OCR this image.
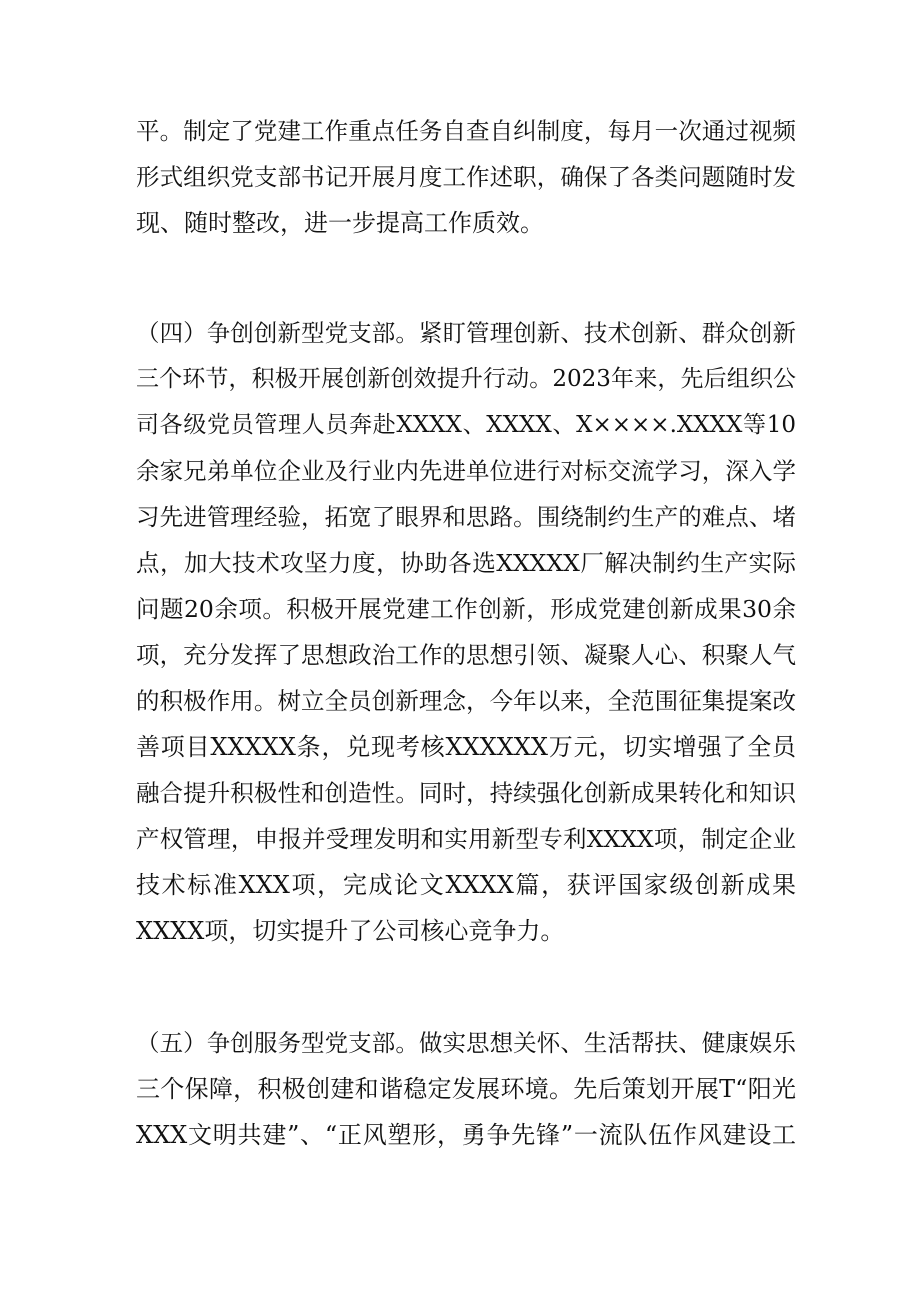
平。制定了党建工作重点任务自查自纠制度，每月一次通过视频
形式组织党支部书记开展月度工作述职，确保了各类问题随时发
现、随时整改，进一步提高工作质效。
（四）争创创新型党支部。紧盯管理创新、技术创新、群众创新
三个环节，积极开展创新创效提升行动。2023年来，先后组织公
司各级党员管理人员奔赴XXXX、XXXX、X××××.XXXX等10
余家兄弟单位企业及行业内先进单位进行对标交流学习，深入学
习先进管理经验，拓宽了眼界和思路。围绕制约生产的难点、堵
点，加大技术攻坚力度，协助各选XXXXX厂解决制约生产实际
问题20余项。积极开展党建工作创新，形成党建创新成果30余
项，充分发挥了思想政治工作的思想引领、凝聚人心、积聚人气
的积极作用。树立全员创新理念，今年以来，全范围征集提案改
善项目XXXXX条，兑现考核XXXXXX万元，切实增强了全员
融合提升积极性和创造性。同时，持续强化创新成果转化和知识
产权管理，申报并受理发明和实用新型专利XXXX项，制定企业
技术标准XXX项，完成论文XXXX篇，获评国家级创新成果
XXXX项，切实提升了公司核心竞争力。
（五）争创服务型党支部。做实思想关怀、生活帮扶、健康娱乐
三个保障，积极创建和谐稳定发展环境。先后策划开展T“阳光
XXX文明共建”、“正风塑形，勇争先锋”一流队伍作风建设工
